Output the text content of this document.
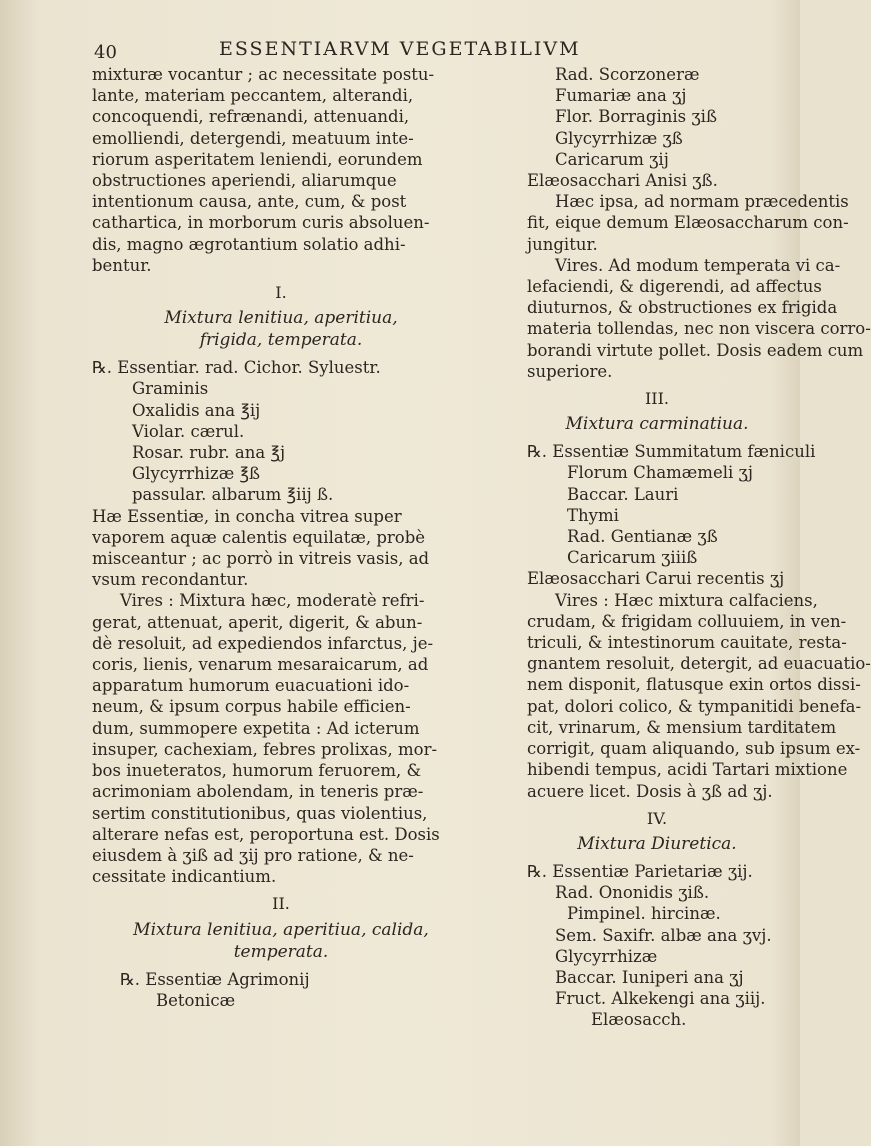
40	ESSENTIARVM VEGETABILIVM
mixturæ vocantur ; ac necessitate postu-
lante, materiam peccantem, alterandi,
concoquendi, refrænandi, attenuandi,
emolliendi, detergendi, meatuum inte-
riorum asperitatem leniendi, eorundem
obstructiones aperiendi, aliarumque
intentionum causa, ante, cum, & post
cathartica, in morborum curis absoluen-
dis, magno ægrotantium solatio adhi-
bentur.
I.
Mixtura lenitiua, aperitiua,
frigida, temperata.
℞. Essentiar. rad. Cichor. Syluestr.
Graminis
Oxalidis ana ℥ij
Violar. cærul.
Rosar. rubr. ana ℥j
Glycyrrhizæ ℥ß
passular. albarum ℥iij ß.
Hæ Essentiæ, in concha vitrea super
vaporem aquæ calentis equilatæ, probè
misceantur ; ac porrò in vitreis vasis, ad
vsum recondantur.
Vires : Mixtura hæc, moderatè refri-
gerat, attenuat, aperit, digerit, & abun-
dè resoluit, ad expediendos infarctus, je-
coris, lienis, venarum mesaraicarum, ad
apparatum humorum euacuationi ido-
neum, & ipsum corpus habile efficien-
dum, summopere expetita : Ad icterum
insuper, cachexiam, febres prolixas, mor-
bos inueteratos, humorum feruorem, &
acrimoniam abolendam, in teneris præ-
sertim constitutionibus, quas violentius,
alterare nefas est, peroportuna est. Dosis
eiusdem à ʒiß ad ʒij pro ratione, & ne-
cessitate indicantium.
II.
Mixtura lenitiua, aperitiua, calida,
temperata.
℞. Essentiæ Agrimonij
Betonicæ
Rad. Scorzoneræ
Fumariæ ana ʒj
Flor. Borraginis ʒiß
Glycyrrhizæ ʒß
Caricarum ʒij
Elæosacchari Anisi ʒß.
Hæc ipsa, ad normam præcedentis
fit, eique demum Elæosaccharum con-
jungitur.
Vires. Ad modum temperata vi ca-
lefaciendi, & digerendi, ad affectus
diuturnos, & obstructiones ex frigida
materia tollendas, nec non viscera corro-
borandi virtute pollet. Dosis eadem cum
superiore.
III.
Mixtura carminatiua.
℞. Essentiæ Summitatum fæniculi
Florum Chamæmeli ʒj
Baccar. Lauri
Thymi
Rad. Gentianæ ʒß
Caricarum ʒiiiß
Elæosacchari Carui recentis ʒj
Vires : Hæc mixtura calfaciens,
crudam, & frigidam colluuiem, in ven-
triculi, & intestinorum cauitate, resta-
gnantem resoluit, detergit, ad euacuatio-
nem disponit, flatusque exin ortos dissi-
pat, dolori colico, & tympanitidi benefa-
cit, vrinarum, & mensium tarditatem
corrigit, quam aliquando, sub ipsum ex-
hibendi tempus, acidi Tartari mixtione
acuere licet. Dosis à ʒß ad ʒj.
IV.
Mixtura Diuretica.
℞. Essentiæ Parietariæ ʒij.
Rad. Ononidis ʒiß.
Pimpinel. hircinæ.
Sem. Saxifr. albæ ana ʒvj.
Glycyrrhizæ
Baccar. Iuniperi ana ʒj
Fruct. Alkekengi ana ʒiij.
Elæosacch.
